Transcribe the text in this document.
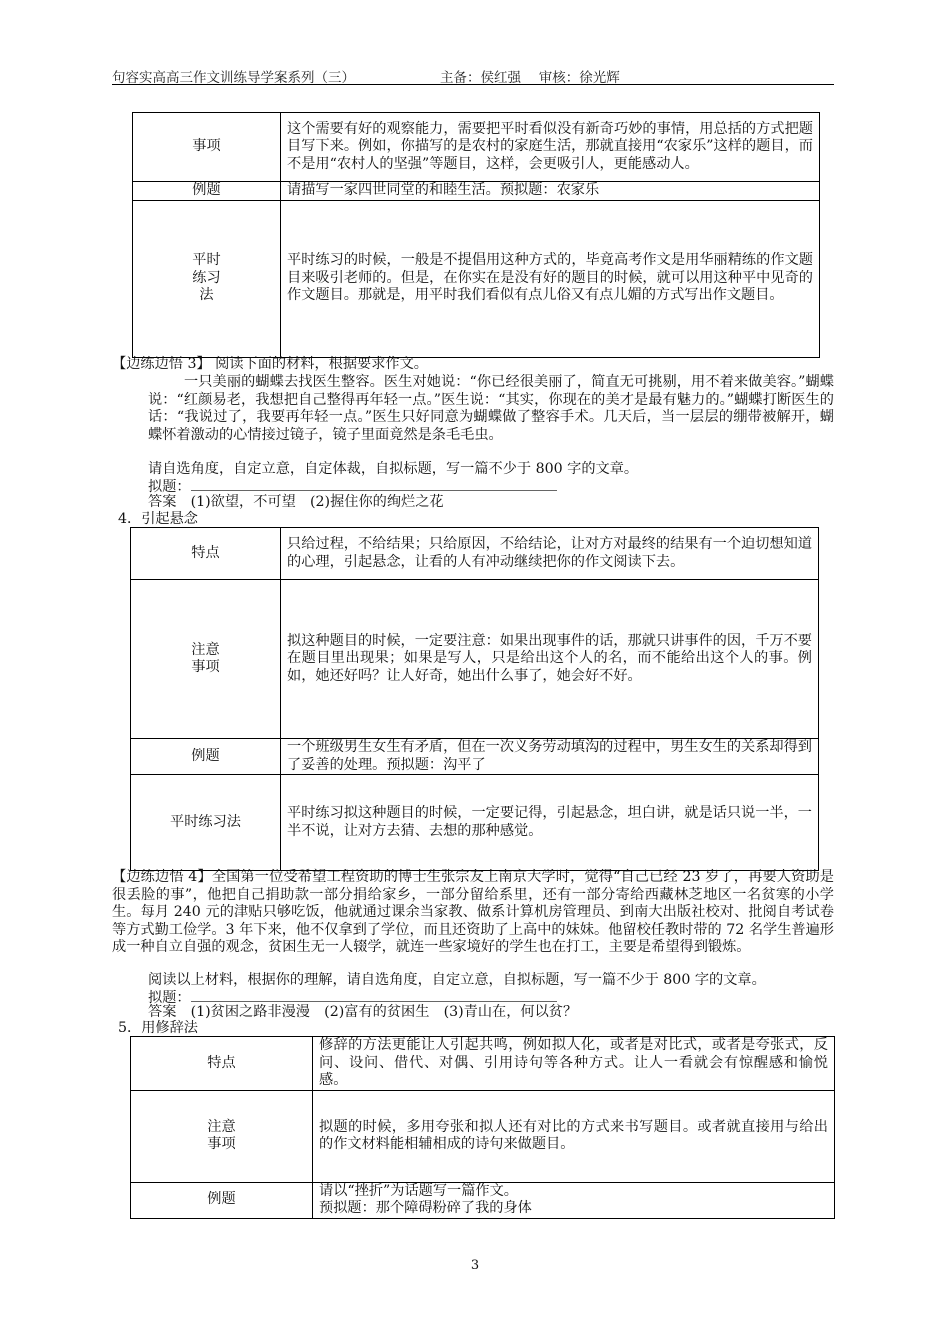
句容实高高三作文训练导学案系列（三）	主备：侯红强　 审核：徐光辉
事项	这个需要有好的观察能力，需要把平时看似没有新奇巧妙的事情，用总括的方式把题目写下来。例如，你描写的是农村的家庭生活，那就直接用“农家乐”这样的题目，而不是用“农村人的坚强”等题目，这样，会更吸引人，更能感动人。
例题	请描写一家四世同堂的和睦生活。预拟题：农家乐
平时
练习
法	平时练习的时候，一般是不提倡用这种方式的，毕竟高考作文是用华丽精练的作文题目来吸引老师的。但是，在你实在是没有好的题目的时候，就可以用这种平中见奇的作文题目。那就是，用平时我们看似有点儿俗又有点儿媚的方式写出作文题目。
【边练边悟 3】 阅读下面的材料，根据要求作文。
一只美丽的蝴蝶去找医生整容。医生对她说：“你已经很美丽了，简直无可挑剔，用不着来做美容。”蝴蝶说：“红颜易老，我想把自己整得再年轻一点。”医生说：“其实，你现在的美才是最有魅力的。”蝴蝶打断医生的话：“我说过了，我要再年轻一点。”医生只好同意为蝴蝶做了整容手术。几天后，当一层层的绷带被解开，蝴蝶怀着激动的心情接过镜子，镜子里面竟然是条毛毛虫。
请自选角度，自定立意，自定体裁，自拟标题，写一篇不少于 800 字的文章。
拟题：
答案　(1)欲望，不可望　(2)握住你的绚烂之花
4．引起悬念
特点	只给过程，不给结果；只给原因，不给结论，让对方对最终的结果有一个迫切想知道的心理，引起悬念，让看的人有冲动继续把你的作文阅读下去。
注意
事项	拟这种题目的时候，一定要注意：如果出现事件的话，那就只讲事件的因，千万不要在题目里出现果；如果是写人，只是给出这个人的名，而不能给出这个人的事。例如，她还好吗？让人好奇，她出什么事了，她会好不好。
例题	一个班级男生女生有矛盾，但在一次义务劳动填沟的过程中，男生女生的关系却得到了妥善的处理。预拟题：沟平了
平时练习法	平时练习拟这种题目的时候，一定要记得，引起悬念，坦白讲，就是话只说一半，一半不说，让对方去猜、去想的那种感觉。
【边练边悟 4】全国第一位受希望工程资助的博士生张宗友上南京大学时，觉得“自己已经 23 岁了，再要人资助是很丢脸的事”，他把自己捐助款一部分捐给家乡，一部分留给系里，还有一部分寄给西藏林芝地区一名贫寒的小学生。每月 240 元的津贴只够吃饭，他就通过课余当家教、做系计算机房管理员、到南大出版社校对、批阅自考试卷等方式勤工俭学。3 年下来，他不仅拿到了学位，而且还资助了上高中的妹妹。他留校任教时带的 72 名学生普遍形成一种自立自强的观念，贫困生无一人辍学，就连一些家境好的学生也在打工，主要是希望得到锻炼。
阅读以上材料，根据你的理解，请自选角度，自定立意，自拟标题，写一篇不少于 800 字的文章。
拟题：
答案　(1)贫困之路非漫漫　(2)富有的贫困生　(3)青山在，何以贫？
5．用修辞法
特点	修辞的方法更能让人引起共鸣，例如拟人化，或者是对比式，或者是夸张式，反问、设问、借代、对偶、引用诗句等各种方式。让人一看就会有惊醒感和愉悦感。
注意
事项	拟题的时候，多用夸张和拟人还有对比的方式来书写题目。或者就直接用与给出的作文材料能相辅相成的诗句来做题目。
例题	请以“挫折”为话题写一篇作文。
预拟题：那个障碍粉碎了我的身体
3
